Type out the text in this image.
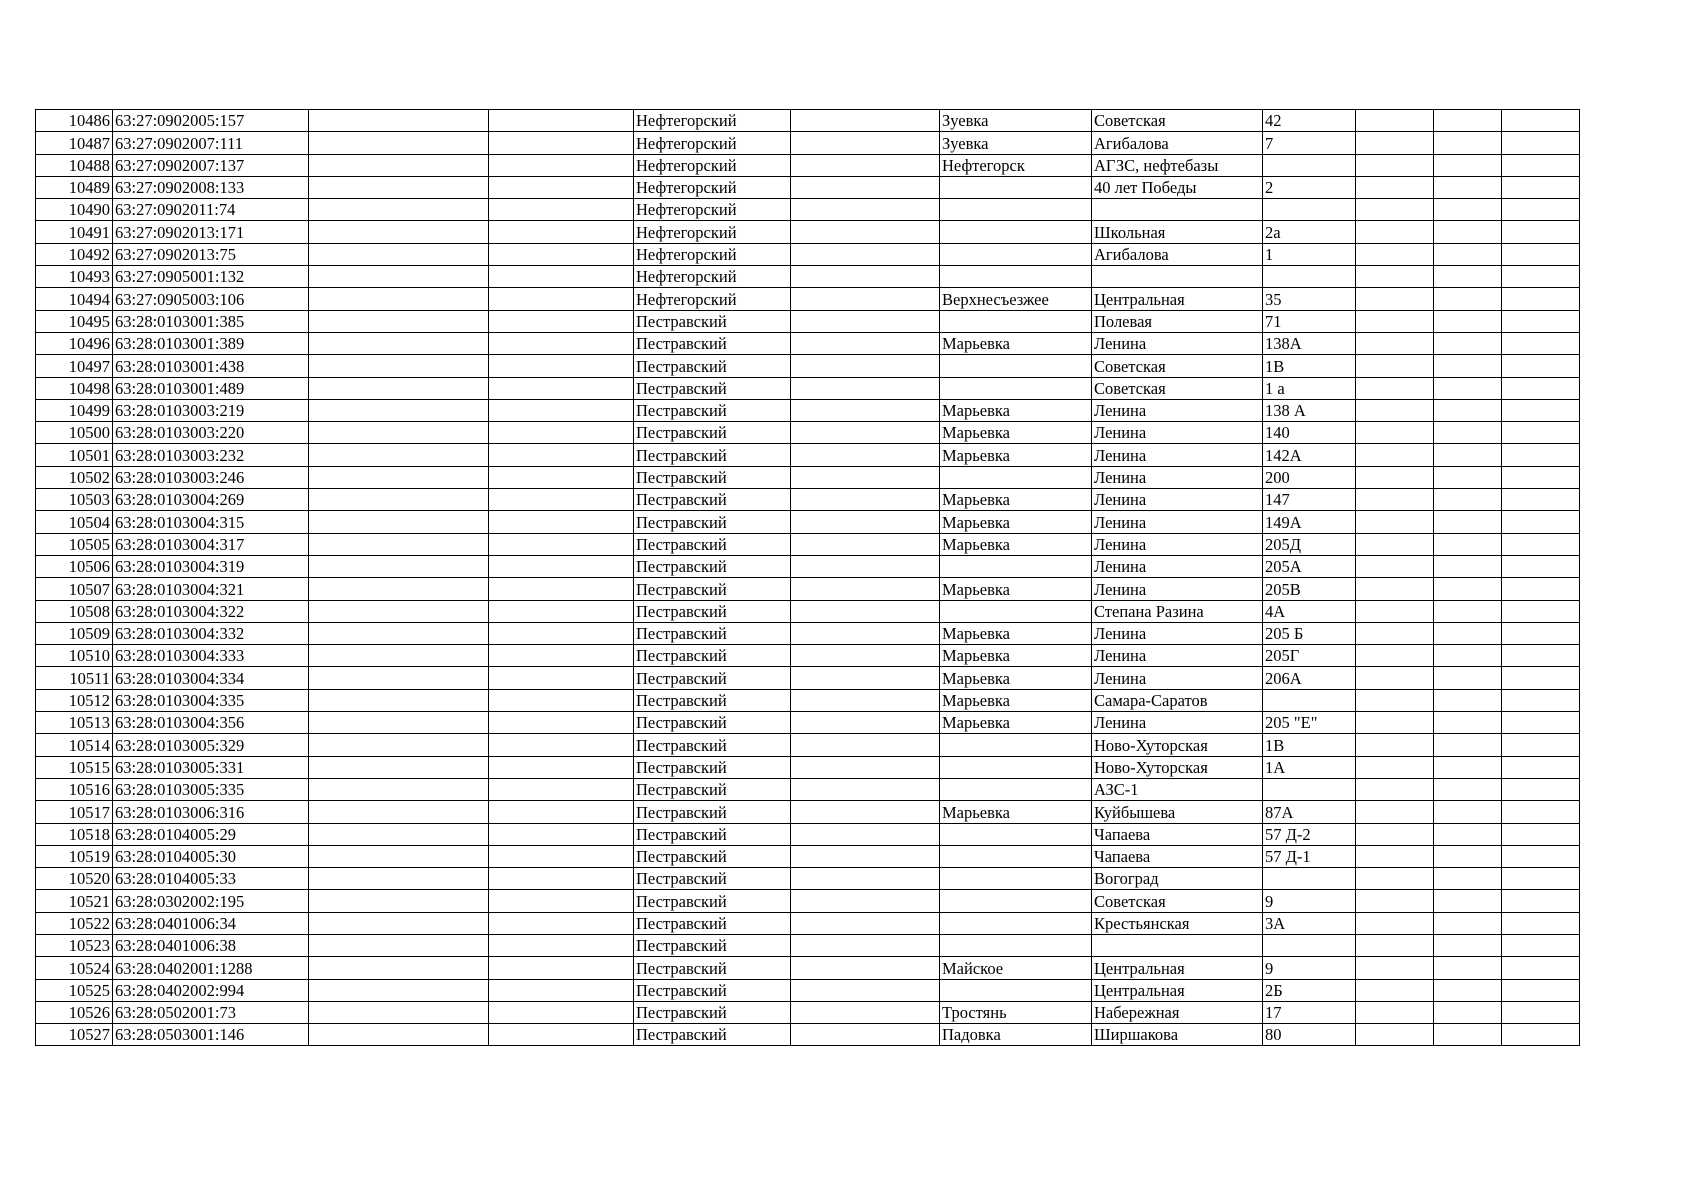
10486	63:27:0902005:157			Нефтегорский		Зуевка	Советская	42			
10487	63:27:0902007:111			Нефтегорский		Зуевка	Агибалова	7			
10488	63:27:0902007:137			Нефтегорский		Нефтегорск	АГЗС, нефтебазы				
10489	63:27:0902008:133			Нефтегорский			40 лет Победы	2			
10490	63:27:0902011:74			Нефтегорский							
10491	63:27:0902013:171			Нефтегорский			Школьная	2а			
10492	63:27:0902013:75			Нефтегорский			Агибалова	1			
10493	63:27:0905001:132			Нефтегорский							
10494	63:27:0905003:106			Нефтегорский		Верхнесъезжее	Центральная	35			
10495	63:28:0103001:385			Пестравский			Полевая	71			
10496	63:28:0103001:389			Пестравский		Марьевка	Ленина	138А			
10497	63:28:0103001:438			Пестравский			Советская	1В			
10498	63:28:0103001:489			Пестравский			Советская	1 а			
10499	63:28:0103003:219			Пестравский		Марьевка	Ленина	138 А			
10500	63:28:0103003:220			Пестравский		Марьевка	Ленина	140			
10501	63:28:0103003:232			Пестравский		Марьевка	Ленина	142А			
10502	63:28:0103003:246			Пестравский			Ленина	200			
10503	63:28:0103004:269			Пестравский		Марьевка	Ленина	147			
10504	63:28:0103004:315			Пестравский		Марьевка	Ленина	149А			
10505	63:28:0103004:317			Пестравский		Марьевка	Ленина	205Д			
10506	63:28:0103004:319			Пестравский			Ленина	205А			
10507	63:28:0103004:321			Пестравский		Марьевка	Ленина	205В			
10508	63:28:0103004:322			Пестравский			Степана Разина	4А			
10509	63:28:0103004:332			Пестравский		Марьевка	Ленина	205 Б			
10510	63:28:0103004:333			Пестравский		Марьевка	Ленина	205Г			
10511	63:28:0103004:334			Пестравский		Марьевка	Ленина	206А			
10512	63:28:0103004:335			Пестравский		Марьевка	Самара-Саратов				
10513	63:28:0103004:356			Пестравский		Марьевка	Ленина	205 "Е"			
10514	63:28:0103005:329			Пестравский			Ново-Хуторская	1В			
10515	63:28:0103005:331			Пестравский			Ново-Хуторская	1А			
10516	63:28:0103005:335			Пестравский			АЗС-1				
10517	63:28:0103006:316			Пестравский		Марьевка	Куйбышева	87А			
10518	63:28:0104005:29			Пестравский			Чапаева	57 Д-2			
10519	63:28:0104005:30			Пестравский			Чапаева	57 Д-1			
10520	63:28:0104005:33			Пестравский			Вогоград				
10521	63:28:0302002:195			Пестравский			Советская	9			
10522	63:28:0401006:34			Пестравский			Крестьянская	3А			
10523	63:28:0401006:38			Пестравский							
10524	63:28:0402001:1288			Пестравский		Майское	Центральная	9			
10525	63:28:0402002:994			Пестравский			Центральная	2Б			
10526	63:28:0502001:73			Пестравский		Тростянь	Набережная	17			
10527	63:28:0503001:146			Пестравский		Падовка	Ширшакова	80			
